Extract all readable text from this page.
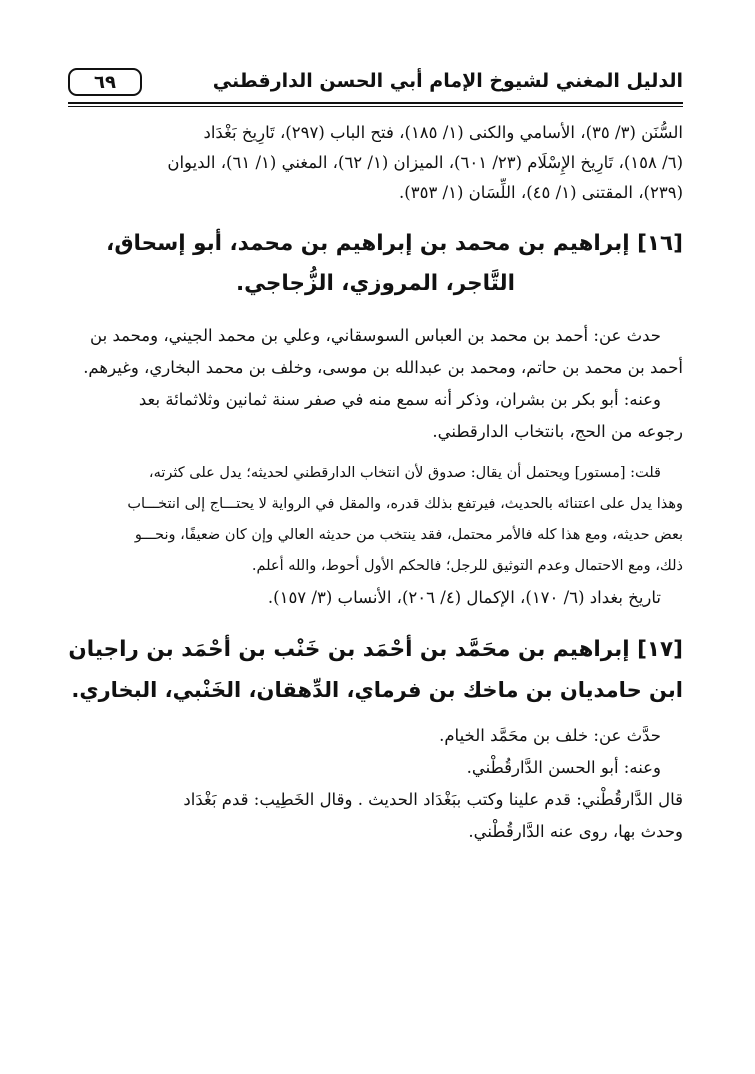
الدليل المغني لشيوخ الإمام أبي الحسن الدارقطني
٦٩
السُّنَن (٣/ ٣٥)، الأسامي والكنى (١/ ١٨٥)، فتح الباب (٢٩٧)، تَارِيخ بَغْدَاد
(٦/ ١٥٨)، تَارِيخ الإِسْلَام (٢٣/ ٦٠١)، الميزان (١/ ٦٢)، المغني (١/ ٦١)، الديوان
(٢٣٩)، المقتنى (١/ ٤٥)، اللِّسَان (١/ ٣٥٣).
[١٦] إبراهيم بن محمد بن إبراهيم بن محمد، أبو إسحاق،
التَّاجر، المروزي، الزُّجاجي.
حدث عن: أحمد بن محمد بن العباس السوسقاني، وعلي بن محمد الجيني، ومحمد بن
أحمد بن محمد بن حاتم، ومحمد بن عبدالله بن موسى، وخلف بن محمد البخاري، وغيرهم.
وعنه: أبو بكر بن بشران، وذكر أنه سمع منه في صفر سنة ثمانين وثلاثمائة بعد
رجوعه من الحج، بانتخاب الدارقطني.
قلت: [مستور] ويحتمل أن يقال: صدوق لأن انتخاب الدارقطني لحديثه؛ يدل على كثرته،
وهذا يدل على اعتنائه بالحديث، فيرتفع بذلك قدره، والمقل في الرواية لا يحتـــاج إلى انتخـــاب
بعض حديثه، ومع هذا كله فالأمر محتمل، فقد ينتخب من حديثه العالي وإن كان ضعيفًا، ونحـــو
ذلك، ومع الاحتمال وعدم التوثيق للرجل؛ فالحكم الأول أحوط، والله أعلم.
تاريخ بغداد (٦/ ١٧٠)، الإكمال (٤/ ٢٠٦)، الأنساب (٣/ ١٥٧).
[١٧] إبراهيم بن محَمَّد بن أحْمَد بن خَنْب بن أحْمَد بن راجيان
ابن حامديان بن ماخك بن فرماي، الدِّهقان، الخَنْبي، البخاري.
حدَّث عن: خلف بن محَمَّد الخيام.
وعنه: أبو الحسن الدَّارقُطْني.
قال الدَّارقُطْني: قدم علينا وكتب ببَغْدَاد الحديث . وقال الخَطِيب: قدم بَغْدَاد
وحدث بها، روى عنه الدَّارقُطْني.
